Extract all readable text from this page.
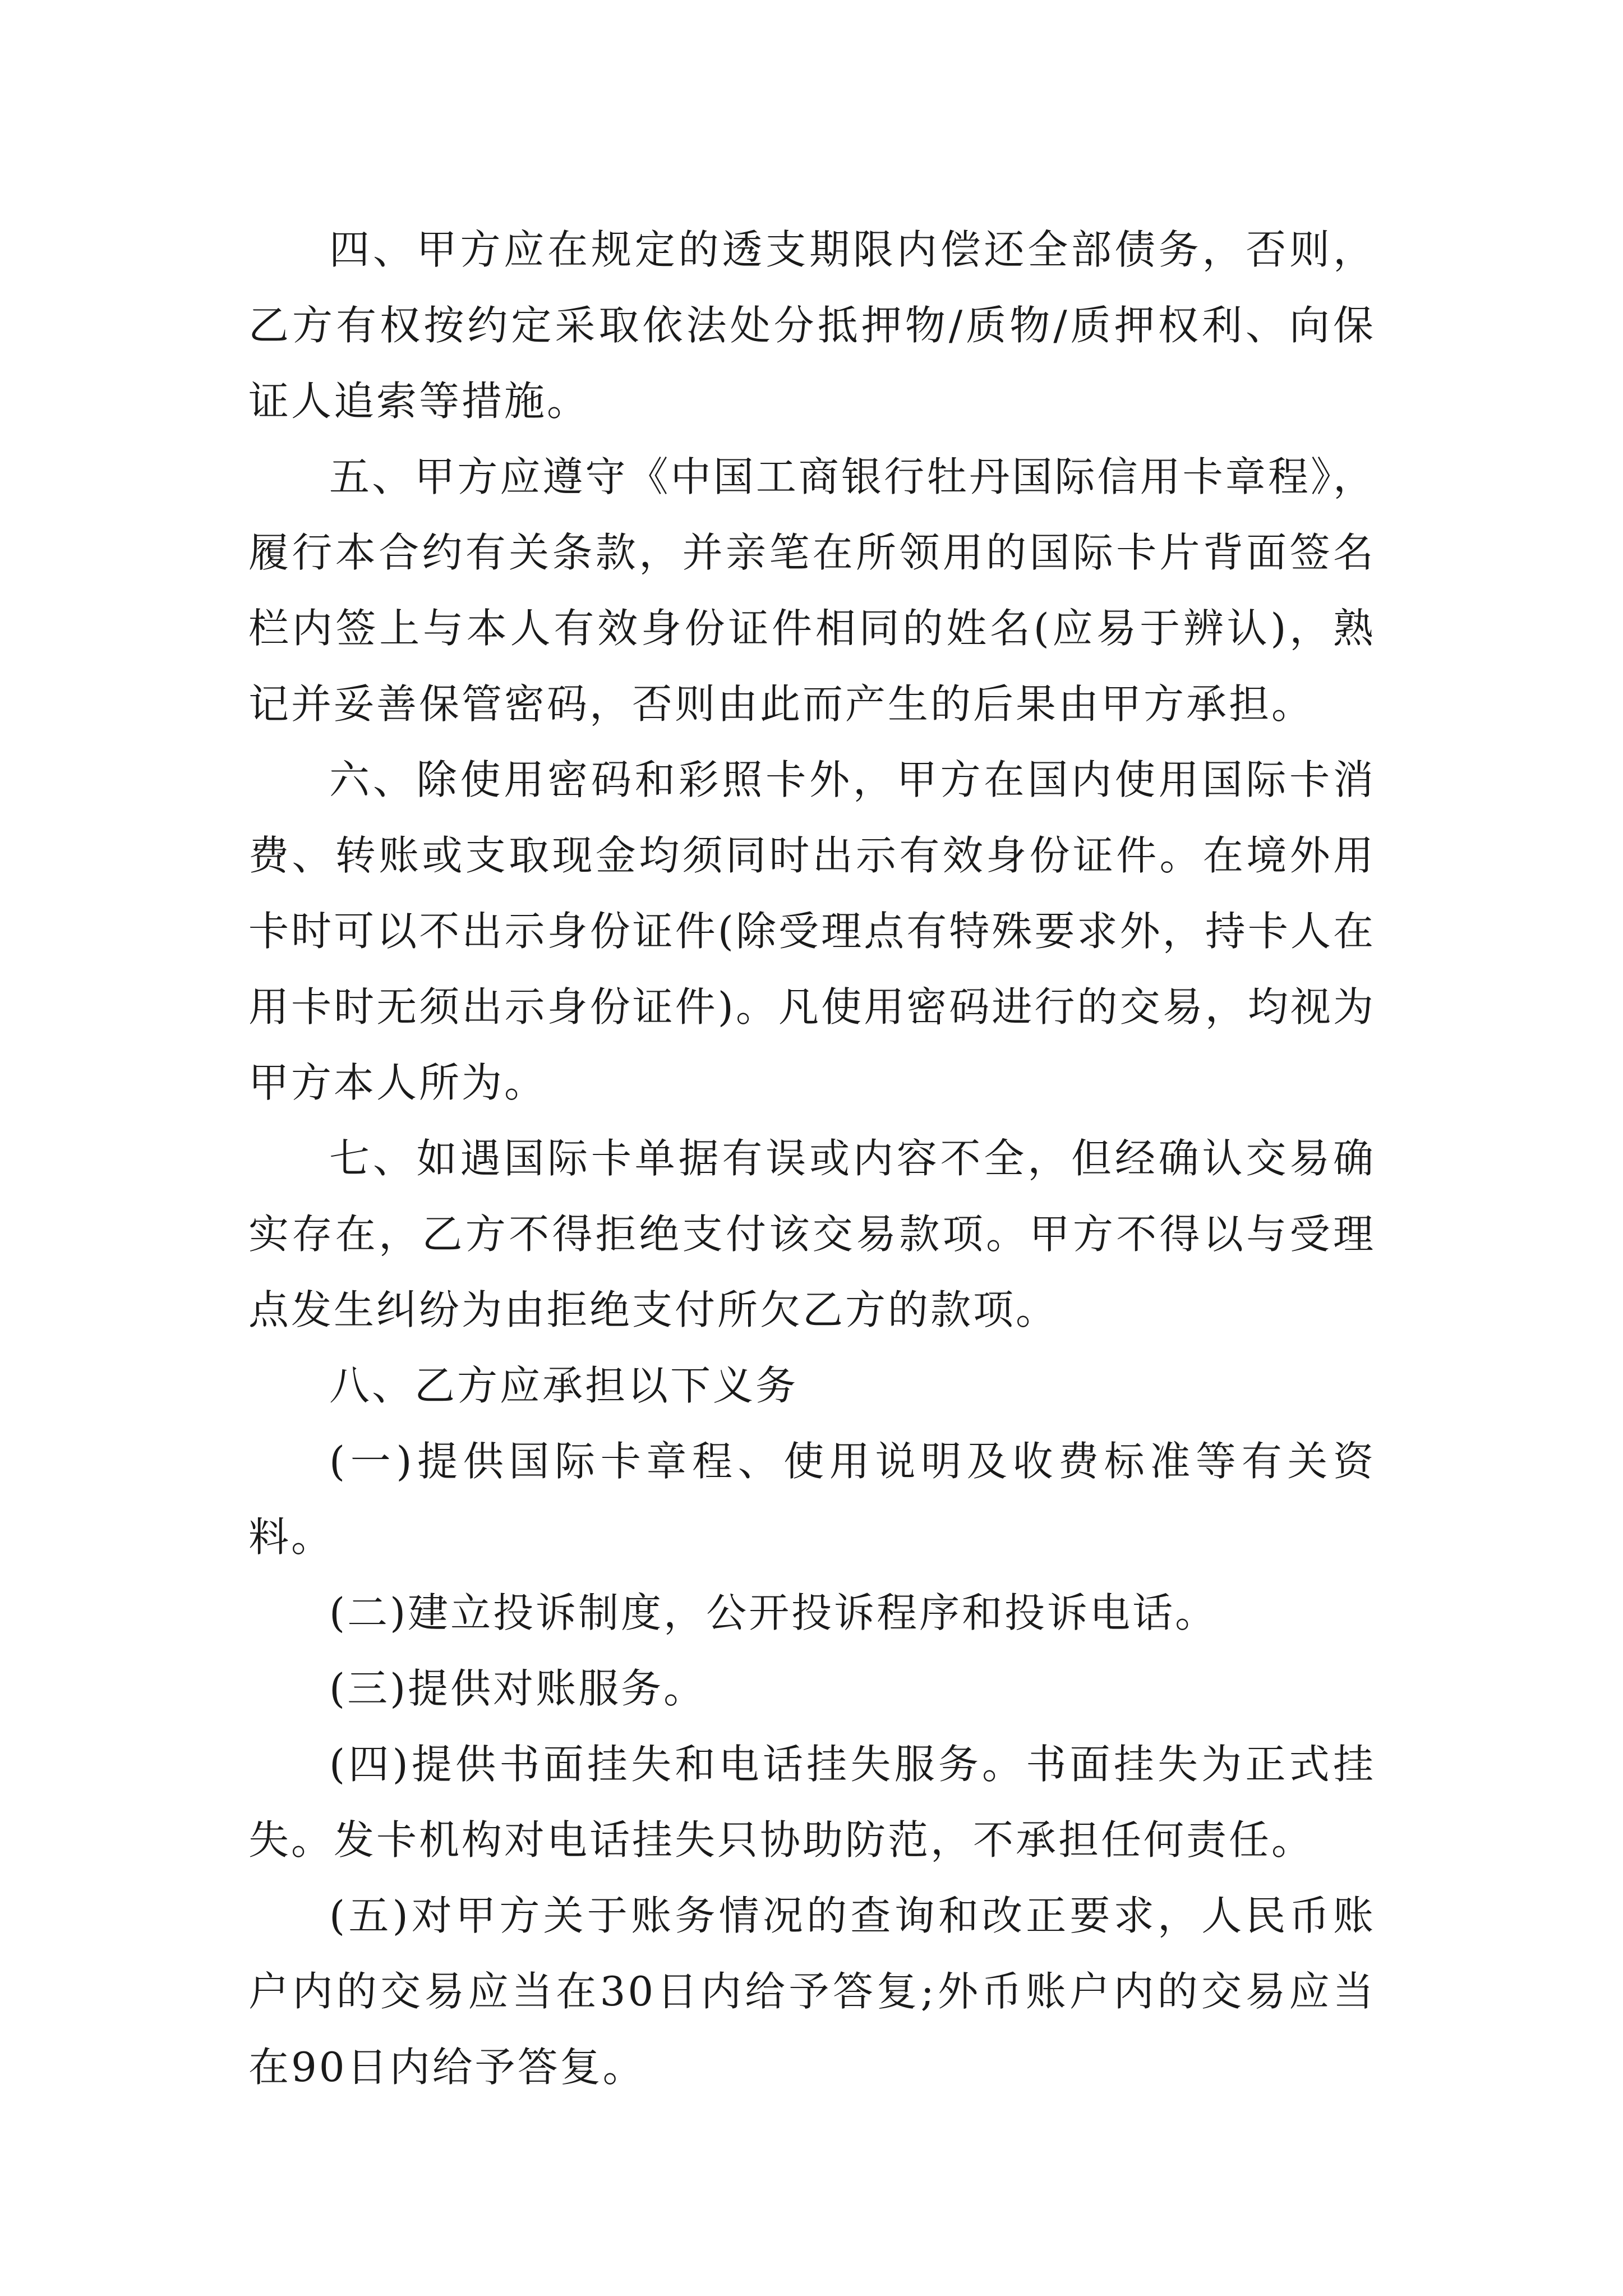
四、甲方应在规定的透支期限内偿还全部债务，否则，乙方有权按约定采取依法处分抵押物/质物/质押权利、向保证人追索等措施。

五、甲方应遵守《中国工商银行牡丹国际信用卡章程》，履行本合约有关条款，并亲笔在所领用的国际卡片背面签名栏内签上与本人有效身份证件相同的姓名(应易于辨认)，熟记并妥善保管密码，否则由此而产生的后果由甲方承担。

六、除使用密码和彩照卡外，甲方在国内使用国际卡消费、转账或支取现金均须同时出示有效身份证件。在境外用卡时可以不出示身份证件(除受理点有特殊要求外，持卡人在用卡时无须出示身份证件)。凡使用密码进行的交易，均视为甲方本人所为。

七、如遇国际卡单据有误或内容不全，但经确认交易确实存在，乙方不得拒绝支付该交易款项。甲方不得以与受理点发生纠纷为由拒绝支付所欠乙方的款项。

八、乙方应承担以下义务

(一)提供国际卡章程、使用说明及收费标准等有关资料。

(二)建立投诉制度，公开投诉程序和投诉电话。

(三)提供对账服务。

(四)提供书面挂失和电话挂失服务。书面挂失为正式挂失。发卡机构对电话挂失只协助防范，不承担任何责任。

(五)对甲方关于账务情况的查询和改正要求，人民币账户内的交易应当在30日内给予答复;外币账户内的交易应当在90日内给予答复。
